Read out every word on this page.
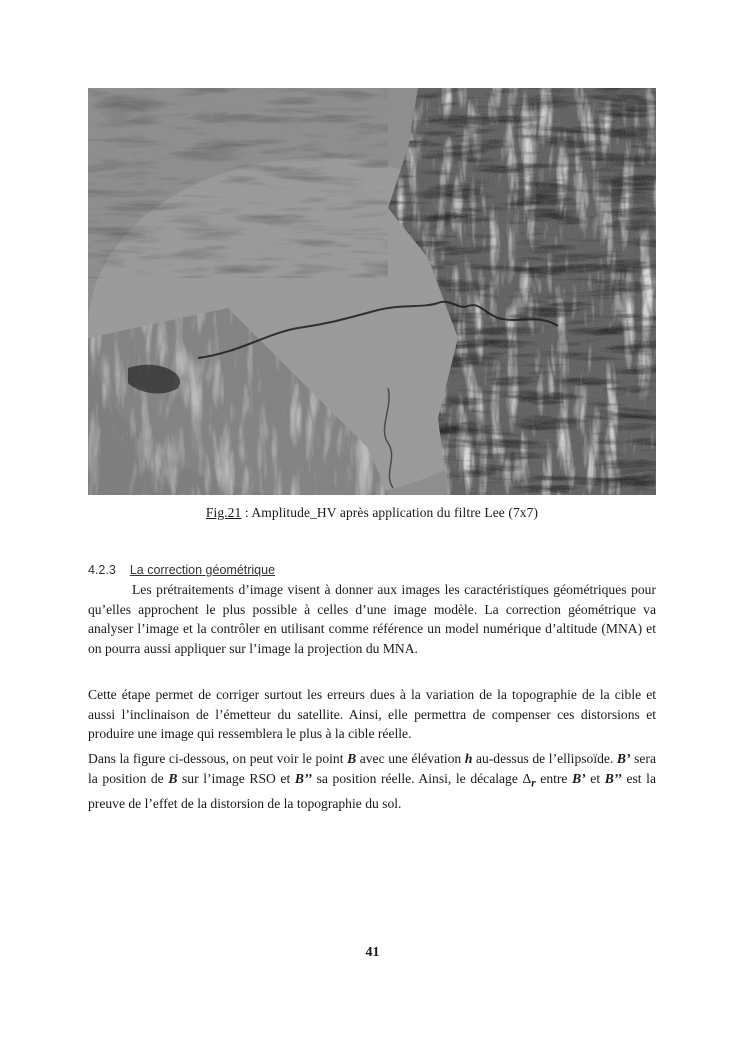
Fig.21 : Amplitude_HV après application du filtre Lee (7x7)
4.2.3 La correction géométrique

Les prétraitements d’image visent à donner aux images les caractéristiques géométriques pour qu’elles approchent le plus possible à celles d’une image modèle. La correction géométrique va analyser l’image et la contrôler en utilisant comme référence un model numérique d’altitude (MNA) et on pourra aussi appliquer sur l’image la projection du MNA.

Cette étape permet de corriger surtout les erreurs dues à la variation de la topographie de la cible et aussi l’inclinaison de l’émetteur du satellite. Ainsi, elle permettra de compenser ces distorsions et produire une image qui ressemblera le plus à la cible réelle.

Dans la figure ci-dessous, on peut voir le point B avec une élévation h au-dessus de l’ellipsoïde. B’ sera la position de B sur l’image RSO et B’’ sa position réelle. Ainsi, le décalage $\Delta_r$ entre B’ et B’’ est la preuve de l’effet de la distorsion de la topographie du sol.

41
